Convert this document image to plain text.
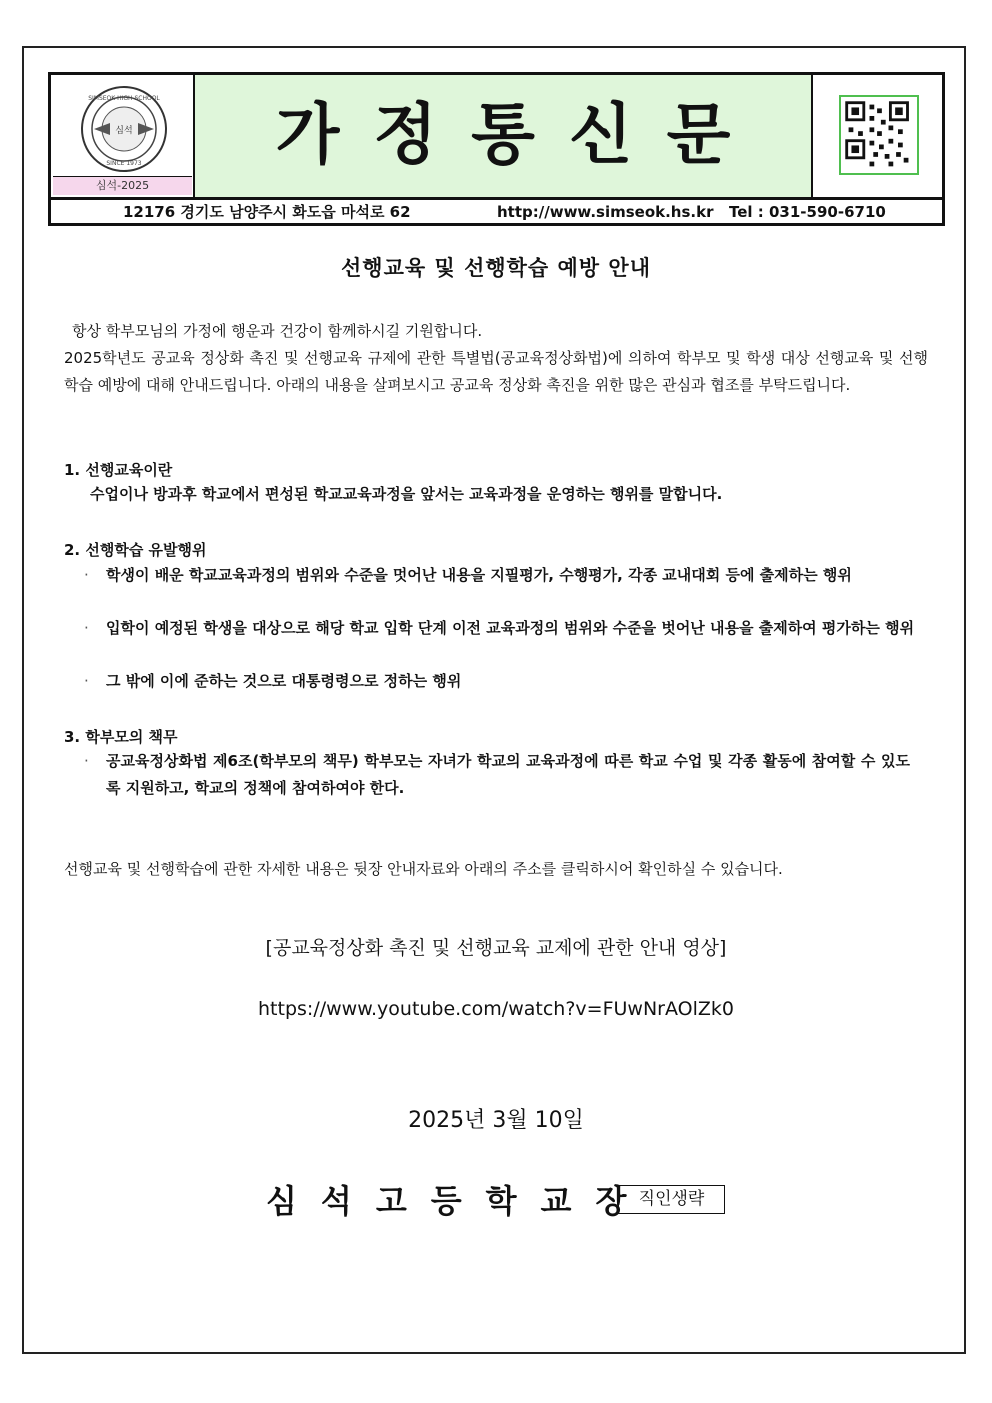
심석
SIMSEOK HIGH SCHOOL
SINCE 1973
심석-2025
가정통신문
12176 경기도 남양주시 화도읍 마석로 62	http://www.simseok.hs.kr Tel : 031-590-6710
선행교육 및 선행학습 예방 안내
항상 학부모님의 가정에 행운과 건강이 함께하시길 기원합니다.
2025학년도 공교육 정상화 촉진 및 선행교육 규제에 관한 특별법(공교육정상화법)에 의하여 학부모 및 학생 대상 선행교육 및 선행학습 예방에 대해 안내드립니다. 아래의 내용을 살펴보시고 공교육 정상화 촉진을 위한 많은 관심과 협조를 부탁드립니다.
1. 선행교육이란
수업이나 방과후 학교에서 편성된 학교교육과정을 앞서는 교육과정을 운영하는 행위를 말합니다.
2. 선행학습 유발행위
· 학생이 배운 학교교육과정의 범위와 수준을 멋어난 내용을 지필평가, 수행평가, 각종 교내대회 등에 출제하는 행위
· 입학이 예정된 학생을 대상으로 해당 학교 입학 단계 이전 교육과정의 범위와 수준을 벗어난 내용을 출제하여 평가하는 행위
· 그 밖에 이에 준하는 것으로 대통령령으로 정하는 행위
3. 학부모의 책무
· 공교육정상화법 제6조(학부모의 책무) 학부모는 자녀가 학교의 교육과정에 따른 학교 수업 및 각종 활동에 참여할 수 있도록 지원하고, 학교의 정책에 참여하여야 한다.
선행교육 및 선행학습에 관한 자세한 내용은 뒷장 안내자료와 아래의 주소를 클릭하시어 확인하실 수 있습니다.
[공교육정상화 촉진 및 선행교육 교제에 관한 안내 영상]
https://www.youtube.com/watch?v=FUwNrAOlZk0
2025년 3월 10일
심석고등학교장
직인생략
